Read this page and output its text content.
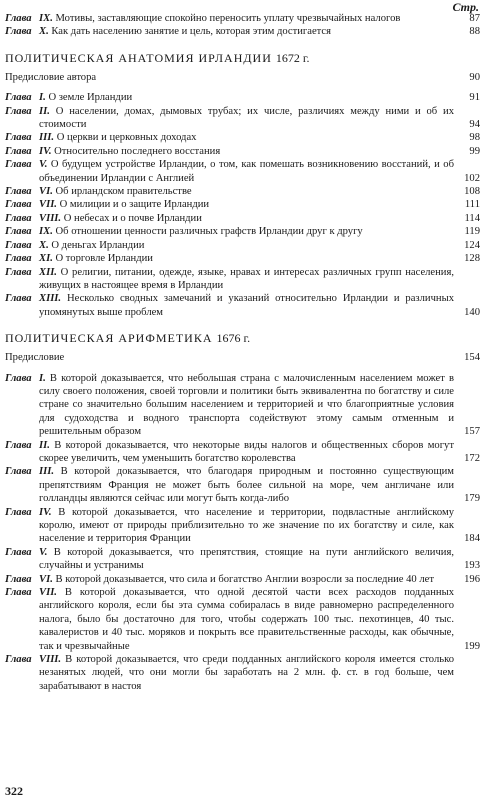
Стр.
Глава IX. Мотивы, заставляющие спокойно переносить уплату чрезвычайных налогов	87
Глава X. Как дать населению занятие и цель, которая этим достигается	88
ПОЛИТИЧЕСКАЯ АНАТОМИЯ ИРЛАНДИИ 1672 г.
Предисловие автора	90
Глава I. О земле Ирландии	91
Глава II. О населении, домах, дымовых трубах; их числе, различиях между ними и об их стоимости	94
Глава III. О церкви и церковных доходах	98
Глава IV. Относительно последнего восстания	99
Глава V. О будущем устройстве Ирландии, о том, как помешать возникновению восстаний, и об объединении Ирландии с Англией	102
Глава VI. Об ирландском правительстве	108
Глава VII. О милиции и о защите Ирландии	111
Глава VIII. О небесах и о почве Ирландии	114
Глава IX. Об отношении ценности различных графств Ирландии друг к другу	119
Глава X. О деньгах Ирландии	124
Глава XI. О торговле Ирландии	128
Глава XII. О религии, питании, одежде, языке, нравах и интересах различных групп населения, живущих в настоящее время в Ирландии
Глава XIII. Несколько сводных замечаний и указаний относительно Ирландии и различных упомянутых выше проблем	140
ПОЛИТИЧЕСКАЯ АРИФМЕТИКА 1676 г.
Предисловие	154
Глава I. В которой доказывается, что небольшая страна с малочисленным населением может в силу своего положения, своей торговли и политики быть эквивалентна по богатству и силе стране со значительно большим населением и территорией и что благоприятные условия для судоходства и водного транспорта содействуют этому самым отменным и решительным образом	157
Глава II. В которой доказывается, что некоторые виды налогов и общественных сборов могут скорее увеличить, чем уменьшить богатство королевства	172
Глава III. В которой доказывается, что благодаря природным и постоянно существующим препятствиям Франция не может быть более сильной на море, чем англичане или голландцы являются сейчас или могут быть когда-либо	179
Глава IV. В которой доказывается, что население и территории, подвластные английскому королю, имеют от природы приблизительно то же значение по их богатству и силе, как население и территория Франции	184
Глава V. В которой доказывается, что препятствия, стоящие на пути английского величия, случайны и устранимы	193
Глава VI. В которой доказывается, что сила и богатство Англии возросли за последние 40 лет	196
Глава VII. В которой доказывается, что одной десятой части всех расходов подданных английского короля, если бы эта сумма собиралась в виде равномерно распределенного налога, было бы достаточно для того, чтобы содержать 100 тыс. пехотинцев, 40 тыс. кавалеристов и 40 тыс. моряков и покрыть все правительственные расходы, как обычные, так и чрезвычайные	199
Глава VIII. В которой доказывается, что среди подданных английского короля имеется столько незанятых людей, что они могли бы заработать на 2 млн. ф. ст. в год больше, чем зарабатывают в настоя
322
